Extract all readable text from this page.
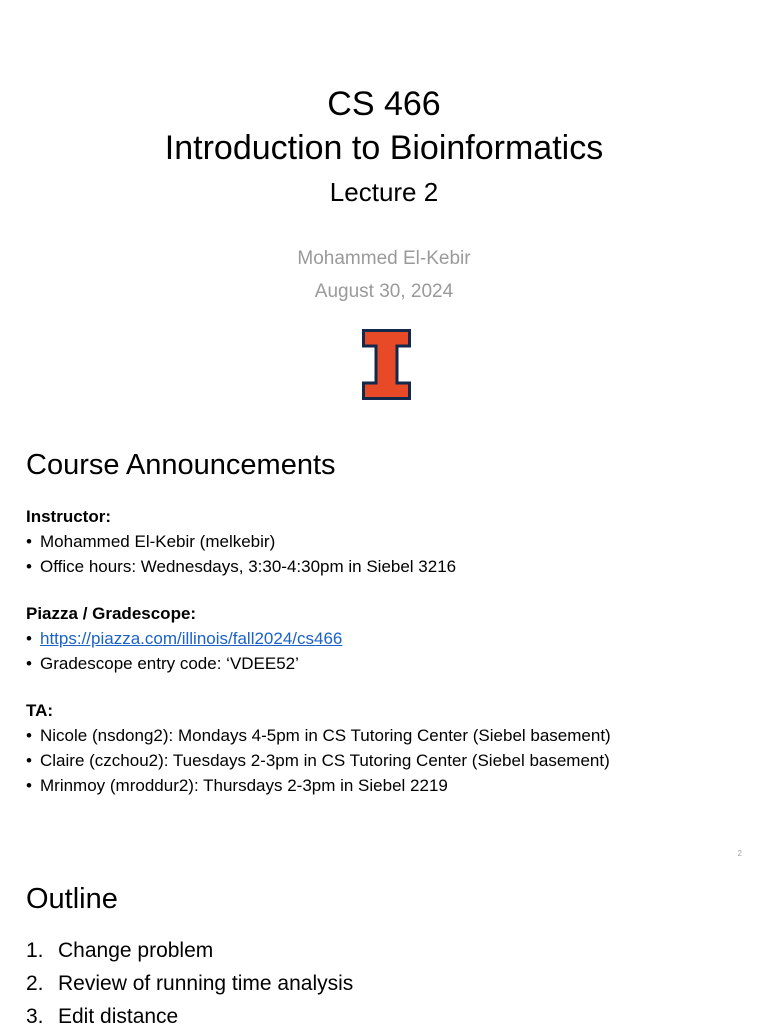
CS 466
Introduction to Bioinformatics
Lecture 2
Mohammed El-Kebir
August 30, 2024
Course Announcements
Instructor:
• Mohammed El-Kebir (melkebir)
• Office hours: Wednesdays, 3:30-4:30pm in Siebel 3216
Piazza / Gradescope:
• https://piazza.com/illinois/fall2024/cs466
• Gradescope entry code: ‘VDEE52’
TA:
• Nicole (nsdong2): Mondays 4-5pm in CS Tutoring Center (Siebel basement)
• Claire (czchou2): Tuesdays 2-3pm in CS Tutoring Center (Siebel basement)
• Mrinmoy (mroddur2): Thursdays 2-3pm in Siebel 2219
2
Outline
1. Change problem
2. Review of running time analysis
3. Edit distance
